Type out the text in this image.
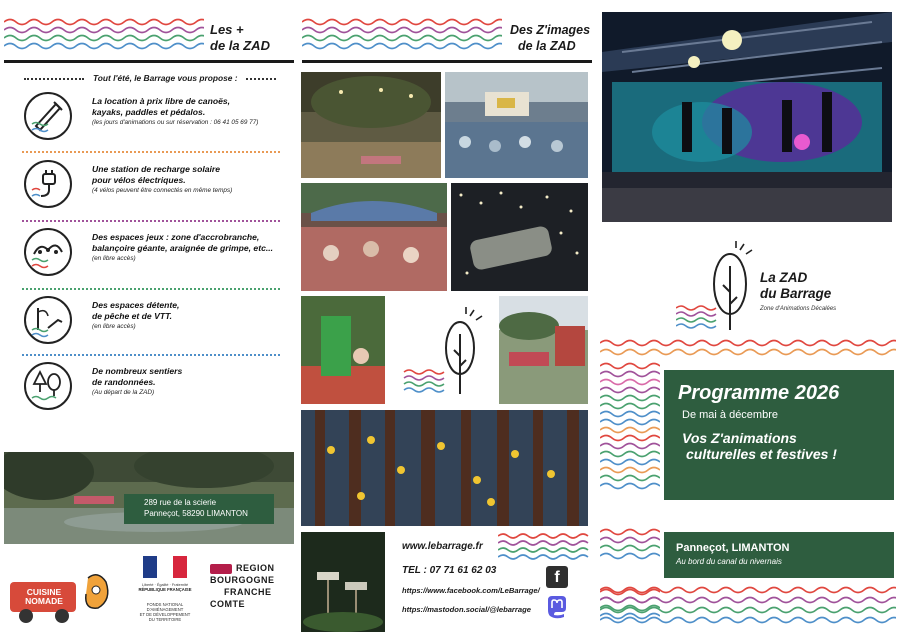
Les +
de la ZAD
Tout l'été, le Barrage vous propose :
La location à prix libre de canoës,
kayaks, paddles et pédalos.
(les jours d'animations ou sur réservation : 06 41 05 69 77)
Une station de recharge solaire
pour vélos électriques.
(4 vélos peuvent être connectés en même temps)
Des espaces jeux : zone d'accrobranche,
balançoire géante, araignée de grimpe, etc...
(en libre accès)
Des espaces détente,
de pêche et de VTT.
(en libre accès)
De nombreux sentiers
de randonnées.
(Au départ de la ZAD)
289 rue de la scierie
Panneçot, 58290 LIMANTON
CUISINE NOMADE
Liberté · Égalité · Fraternité
RÉPUBLIQUE FRANÇAISE
FONDS NATIONAL
D'AMÉNAGEMENT
ET DE DÉVELOPPEMENT
DU TERRITOIRE
REGION
BOURGOGNE
FRANCHE
COMTE
Des Z'images
de la ZAD
www.lebarrage.fr
TEL : 07 71 61 62 03
https://www.facebook.com/LeBarrage/
https://mastodon.social/@lebarrage
f
La ZAD
du Barrage
Zone d'Animations Décalées
Programme 2026
De mai à décembre
Vos Z'animations
culturelles et festives !
Panneçot, LIMANTON
Au bord du canal du nivernais
